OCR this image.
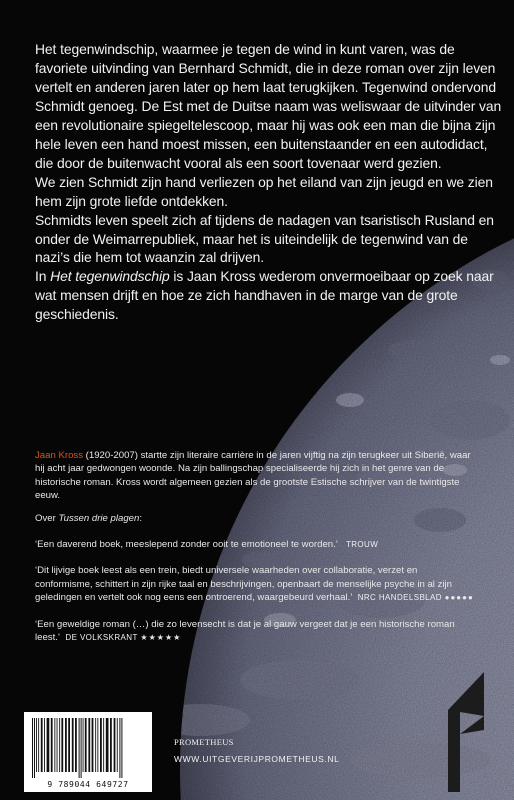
Het tegenwindschip, waarmee je tegen de wind in kunt varen, was de favoriete uitvinding van Bernhard Schmidt, die in deze roman over zijn leven vertelt en anderen jaren later op hem laat terugkijken. Tegenwind ondervond Schmidt genoeg. De Est met de Duitse naam was weliswaar de uitvinder van een revolutionaire spiegeltelescoop, maar hij was ook een man die bijna zijn hele leven een hand moest missen, een buitenstaander en een autodidact, die door de buitenwacht vooral als een soort tovenaar werd gezien.

We zien Schmidt zijn hand verliezen op het eiland van zijn jeugd en we zien hem zijn grote liefde ontdekken.

Schmidts leven speelt zich af tijdens de nadagen van tsaristisch Rusland en onder de Weimarrepubliek, maar het is uiteindelijk de tegenwind van de nazi’s die hem tot waanzin zal drijven.

In Het tegenwindschip is Jaan Kross wederom onvermoeibaar op zoek naar wat mensen drijft en hoe ze zich handhaven in de marge van de grote geschiedenis.

Jaan Kross (1920-2007) startte zijn literaire carrière in de jaren vijftig na zijn terugkeer uit Siberië, waar hij acht jaar gedwongen woonde. Na zijn ballingschap specialiseerde hij zich in het genre van de historische roman. Kross wordt algemeen gezien als de grootste Estische schrijver van de twintigste eeuw.

Over Tussen drie plagen:

‘Een daverend boek, meeslepend zonder ooit te emotioneel te worden.’ TROUW

‘Dit lijvige boek leest als een trein, biedt universele waarheden over collaboratie, verzet en conformisme, schittert in zijn rijke taal en beschrijvingen, openbaart de menselijke psyche in al zijn geledingen en vertelt ook nog eens een ontroerend, waargebeurd verhaal.’ NRC HANDELSBLAD ●●●●●

‘Een geweldige roman (…) die zo levensecht is dat je al gauw vergeet dat je een historische roman leest.’ DE VOLKSKRANT ★★★★★

9 789044 649727
PROMETHEUS
WWW.UITGEVERIJPROMETHEUS.NL
